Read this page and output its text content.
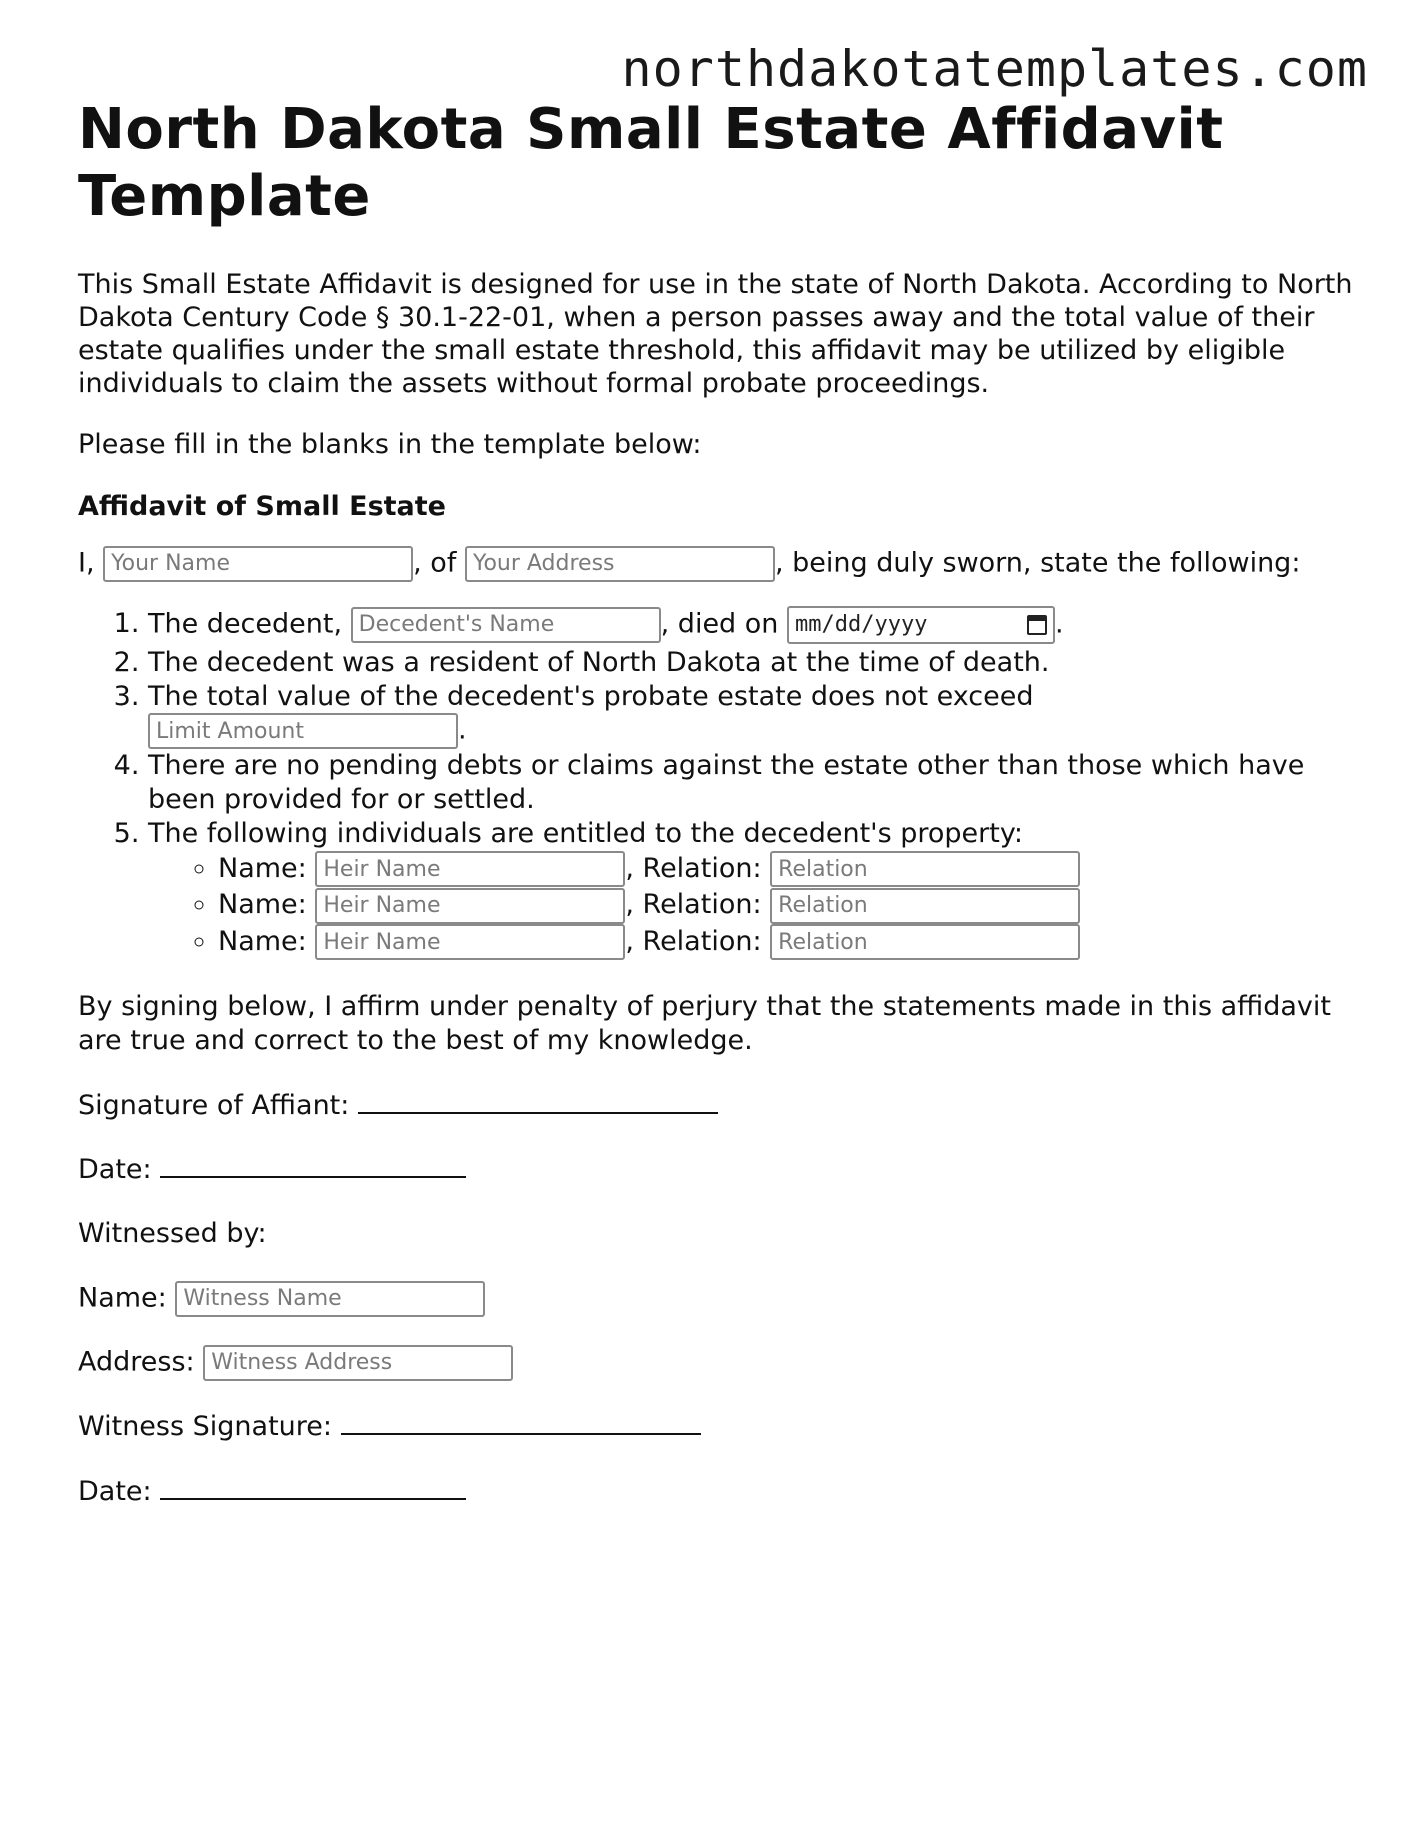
northdakotatemplates.com
North Dakota Small Estate Affidavit Template

This Small Estate Affidavit is designed for use in the state of North Dakota. According to North Dakota Century Code § 30.1-22-01, when a person passes away and the total value of their estate qualifies under the small estate threshold, this affidavit may be utilized by eligible individuals to claim the assets without formal probate proceedings.

Please fill in the blanks in the template below:

Affidavit of Small Estate

I, Your Name	, of Your Address	, being duly sworn, state the following:

1. The decedent, Decedent's Name	, died on mm/dd/yyyy	.
2. The decedent was a resident of North Dakota at the time of death.
3. The total value of the decedent's probate estate does not exceed
Limit Amount.
4. There are no pending debts or claims against the estate other than those which have been provided for or settled.
5. The following individuals are entitled to the decedent's property:
◦ Name: Heir Name	, Relation: Relation
◦ Name: Heir Name	, Relation: Relation
◦ Name: Heir Name	, Relation: Relation

By signing below, I affirm under penalty of perjury that the statements made in this affidavit are true and correct to the best of my knowledge.

Signature of Affiant:
Date:
Witnessed by:
Name: Witness Name
Address: Witness Address
Witness Signature:
Date:
